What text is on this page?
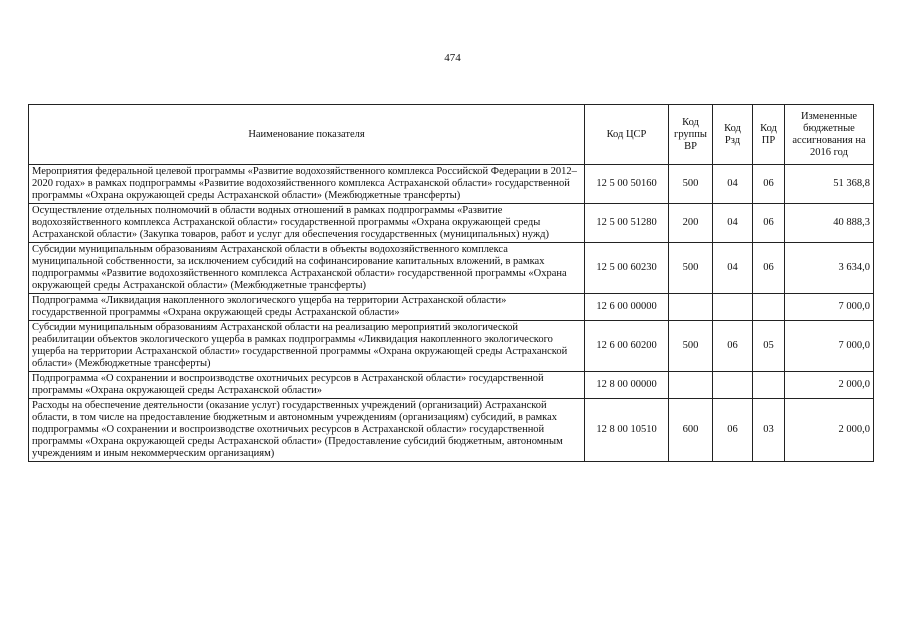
474
Наименование показателя	Код ЦСР	Код группы ВР	Код Рзд	Код ПР	Измененные бюджетные ассигнования на 2016 год
Мероприятия федеральной целевой программы «Развитие водохозяйственного комплекса Российской Федерации в 2012–2020 годах» в рамках подпрограммы «Развитие водохозяйственного комплекса Астраханской области» государственной программы «Охрана окружающей среды Астраханской области» (Межбюджетные трансферты)	12 5 00 50160	500	04	06	51 368,8
Осуществление отдельных полномочий в области водных отношений в рамках подпрограммы «Развитие водохозяйственного комплекса Астраханской области» государственной программы «Охрана окружающей среды Астраханской области» (Закупка товаров, работ и услуг для обеспечения государственных (муниципальных) нужд)	12 5 00 51280	200	04	06	40 888,3
Субсидии муниципальным образованиям Астраханской области в объекты водохозяйственного комплекса муниципальной собственности, за исключением субсидий на софинансирование капитальных вложений, в рамках подпрограммы «Развитие водохозяйственного комплекса Астраханской области» государственной программы «Охрана окружающей среды Астраханской области» (Межбюджетные трансферты)	12 5 00 60230	500	04	06	3 634,0
Подпрограмма «Ликвидация накопленного экологического ущерба на территории Астраханской области» государственной программы «Охрана окружающей среды Астраханской области»	12 6 00 00000				7 000,0
Субсидии муниципальным образованиям Астраханской области на реализацию мероприятий экологической реабилитации объектов экологического ущерба в рамках подпрограммы «Ликвидация накопленного экологического ущерба на территории Астраханской области» государственной программы «Охрана окружающей среды Астраханской области» (Межбюджетные трансферты)	12 6 00 60200	500	06	05	7 000,0
Подпрограмма «О сохранении и воспроизводстве охотничьих ресурсов в Астраханской области» государственной программы «Охрана окружающей среды Астраханской области»	12 8 00 00000				2 000,0
Расходы на обеспечение деятельности (оказание услуг) государственных учреждений (организаций) Астраханской области, в том числе на предоставление бюджетным и автономным учреждениям (организациям) субсидий, в рамках подпрограммы «О сохранении и воспроизводстве охотничьих ресурсов в Астраханской области» государственной программы «Охрана окружающей среды Астраханской области» (Предоставление субсидий бюджетным, автономным учреждениям и иным некоммерческим организациям)	12 8 00 10510	600	06	03	2 000,0
